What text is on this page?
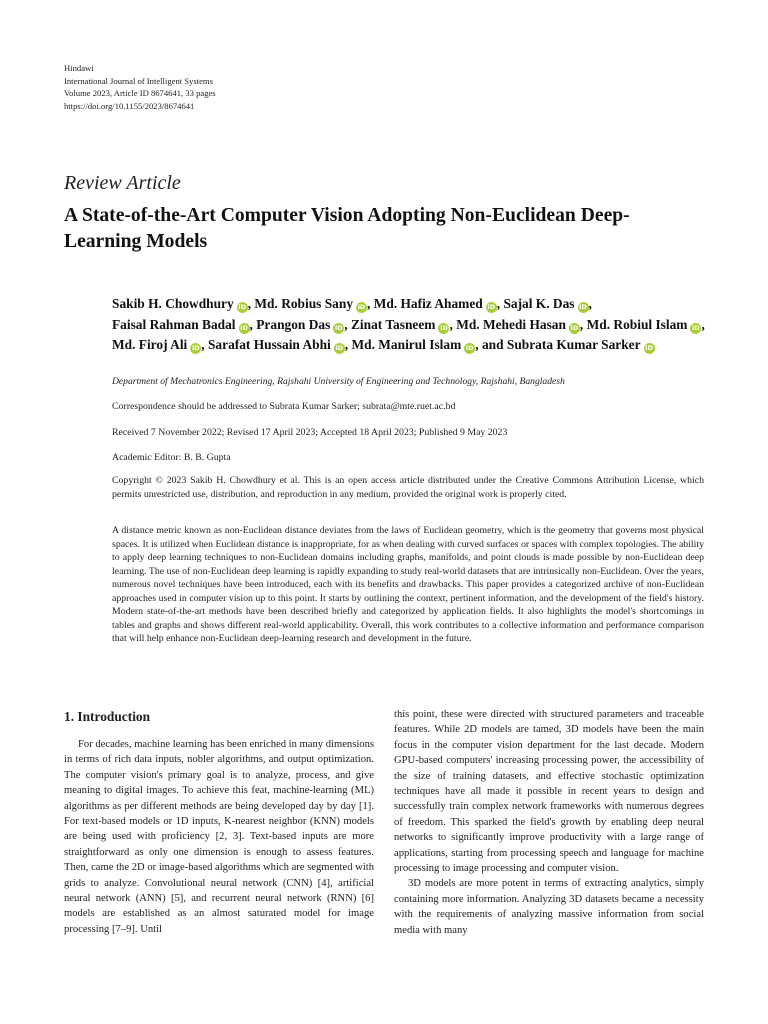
Hindawi
International Journal of Intelligent Systems
Volume 2023, Article ID 8674641, 33 pages
https://doi.org/10.1155/2023/8674641
Review Article
A State-of-the-Art Computer Vision Adopting Non-Euclidean Deep-Learning Models
Sakib H. Chowdhury iD , Md. Robius Sany iD , Md. Hafiz Ahamed iD , Sajal K. Das iD , Faisal Rahman Badal iD , Prangon Das iD , Zinat Tasneem iD , Md. Mehedi Hasan iD , Md. Robiul Islam iD , Md. Firoj Ali iD , Sarafat Hussain Abhi iD , Md. Manirul Islam iD , and Subrata Kumar Sarker iD
Department of Mechatronics Engineering, Rajshahi University of Engineering and Technology, Rajshahi, Bangladesh
Correspondence should be addressed to Subrata Kumar Sarker; subrata@mte.ruet.ac.bd
Received 7 November 2022; Revised 17 April 2023; Accepted 18 April 2023; Published 9 May 2023
Academic Editor: B. B. Gupta
Copyright © 2023 Sakib H. Chowdhury et al. This is an open access article distributed under the Creative Commons Attribution License, which permits unrestricted use, distribution, and reproduction in any medium, provided the original work is properly cited.
A distance metric known as non-Euclidean distance deviates from the laws of Euclidean geometry, which is the geometry that governs most physical spaces. It is utilized when Euclidean distance is inappropriate, for as when dealing with curved surfaces or spaces with complex topologies. The ability to apply deep learning techniques to non-Euclidean domains including graphs, manifolds, and point clouds is made possible by non-Euclidean deep learning. The use of non-Euclidean deep learning is rapidly expanding to study real-world datasets that are intrinsically non-Euclidean. Over the years, numerous novel techniques have been introduced, each with its benefits and drawbacks. This paper provides a categorized archive of non-Euclidean approaches used in computer vision up to this point. It starts by outlining the context, pertinent information, and the development of the field's history. Modern state-of-the-art methods have been described briefly and categorized by application fields. It also highlights the model's shortcomings in tables and graphs and shows different real-world applicability. Overall, this work contributes to a collective information and performance comparison that will help enhance non-Euclidean deep-learning research and development in the future.
1. Introduction

For decades, machine learning has been enriched in many dimensions in terms of rich data inputs, nobler algorithms, and output optimization. The computer vision's primary goal is to analyze, process, and give meaning to digital images. To achieve this feat, machine-learning (ML) algorithms as per different methods are being developed day by day [1]. For text-based models or 1D inputs, K-nearest neighbor (KNN) models are being used with proficiency [2, 3]. Text-based inputs are more straightforward as only one dimension is enough to assess features. Then, came the 2D or image-based algorithms which are segmented with grids to analyze. Convolutional neural network (CNN) [4], artificial neural network (ANN) [5], and recurrent neural network (RNN) [6] models are established as an almost saturated model for image processing [7–9]. Until

this point, these were directed with structured parameters and traceable features. While 2D models are tamed, 3D models have been the main focus in the computer vision department for the last decade. Modern GPU-based computers' increasing processing power, the accessibility of the size of training datasets, and effective stochastic optimization techniques have all made it possible in recent years to design and successfully train complex network frameworks with numerous degrees of freedom. This sparked the field's growth by enabling deep neural networks to significantly improve productivity with a large range of applications, starting from processing speech and language for machine processing to image processing and computer vision.

3D models are more potent in terms of extracting analytics, simply containing more information. Analyzing 3D datasets became a necessity with the requirements of analyzing massive information from social media with many
